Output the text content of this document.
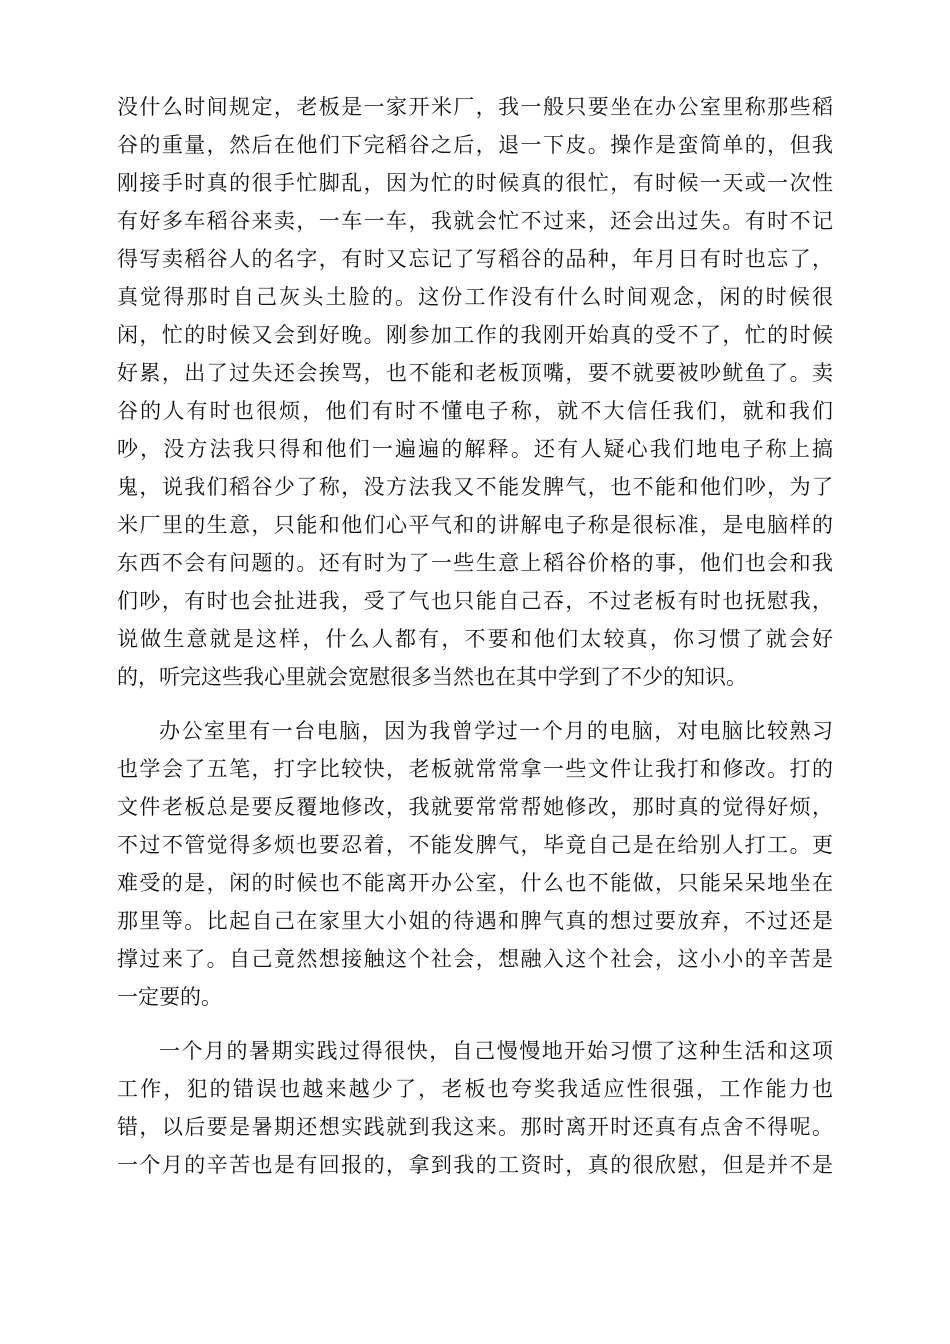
没什么时间规定，老板是一家开米厂，我一般只要坐在办公室里称那些稻
谷的重量，然后在他们下完稻谷之后，退一下皮。操作是蛮简单的，但我
刚接手时真的很手忙脚乱，因为忙的时候真的很忙，有时候一天或一次性
有好多车稻谷来卖，一车一车，我就会忙不过来，还会出过失。有时不记
得写卖稻谷人的名字，有时又忘记了写稻谷的品种，年月日有时也忘了，
真觉得那时自己灰头土脸的。这份工作没有什么时间观念，闲的时候很
闲，忙的时候又会到好晚。刚参加工作的我刚开始真的受不了，忙的时候
好累，出了过失还会挨骂，也不能和老板顶嘴，要不就要被吵鱿鱼了。卖
谷的人有时也很烦，他们有时不懂电子称，就不大信任我们，就和我们
吵，没方法我只得和他们一遍遍的解释。还有人疑心我们地电子称上搞
鬼，说我们稻谷少了称，没方法我又不能发脾气，也不能和他们吵，为了
米厂里的生意，只能和他们心平气和的讲解电子称是很标准，是电脑样的
东西不会有问题的。还有时为了一些生意上稻谷价格的事，他们也会和我
们吵，有时也会扯进我，受了气也只能自己吞，不过老板有时也抚慰我，
说做生意就是这样，什么人都有，不要和他们太较真，你习惯了就会好
的，听完这些我心里就会宽慰很多当然也在其中学到了不少的知识。
办公室里有一台电脑，因为我曾学过一个月的电脑，对电脑比较熟习
也学会了五笔，打字比较快，老板就常常拿一些文件让我打和修改。打的
文件老板总是要反覆地修改，我就要常常帮她修改，那时真的觉得好烦，
不过不管觉得多烦也要忍着，不能发脾气，毕竟自己是在给别人打工。更
难受的是，闲的时候也不能离开办公室，什么也不能做，只能呆呆地坐在
那里等。比起自己在家里大小姐的待遇和脾气真的想过要放弃，不过还是
撑过来了。自己竟然想接触这个社会，想融入这个社会，这小小的辛苦是
一定要的。
一个月的暑期实践过得很快，自己慢慢地开始习惯了这种生活和这项
工作，犯的错误也越来越少了，老板也夸奖我适应性很强，工作能力也
错，以后要是暑期还想实践就到我这来。那时离开时还真有点舍不得呢。
一个月的辛苦也是有回报的，拿到我的工资时，真的很欣慰，但是并不是
